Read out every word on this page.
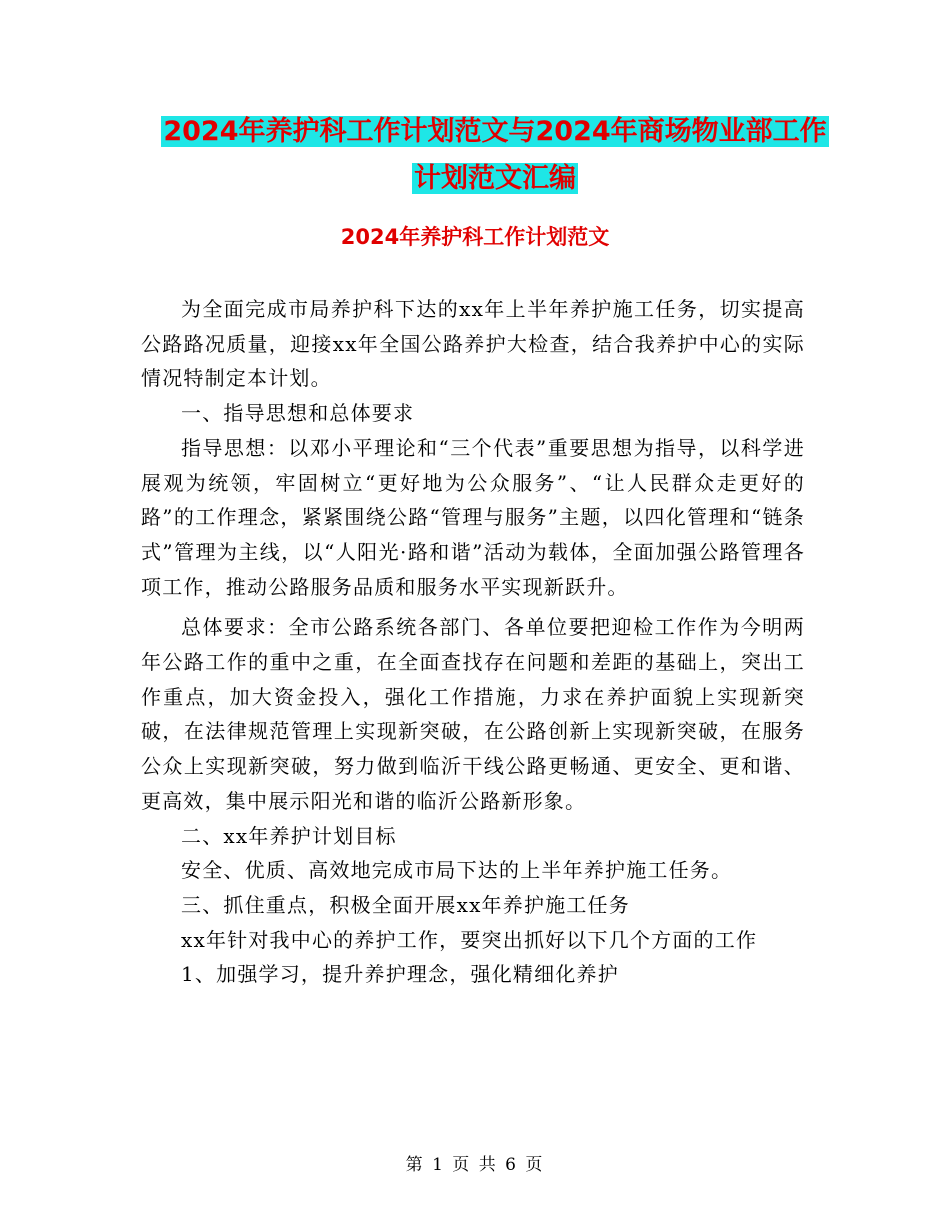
2024年养护科工作计划范文与2024年商场物业部工作
计划范文汇编
2024年养护科工作计划范文

为全面完成市局养护科下达的xx年上半年养护施工任务，切实提高公路路况质量，迎接xx年全国公路养护大检查，结合我养护中心的实际情况特制定本计划。

一、指导思想和总体要求

指导思想：以邓小平理论和“三个代表”重要思想为指导，以科学进展观为统领，牢固树立“更好地为公众服务”、“让人民群众走更好的路”的工作理念，紧紧围绕公路“管理与服务”主题，以四化管理和“链条式”管理为主线，以“人阳光·路和谐”活动为载体，全面加强公路管理各项工作，推动公路服务品质和服务水平实现新跃升。

总体要求：全市公路系统各部门、各单位要把迎检工作作为今明两年公路工作的重中之重，在全面查找存在问题和差距的基础上，突出工作重点，加大资金投入，强化工作措施，力求在养护面貌上实现新突破，在法律规范管理上实现新突破，在公路创新上实现新突破，在服务公众上实现新突破，努力做到临沂干线公路更畅通、更安全、更和谐、更高效，集中展示阳光和谐的临沂公路新形象。

二、xx年养护计划目标

安全、优质、高效地完成市局下达的上半年养护施工任务。

三、抓住重点，积极全面开展xx年养护施工任务

xx年针对我中心的养护工作，要突出抓好以下几个方面的工作

1、加强学习，提升养护理念，强化精细化养护

第 1 页 共 6 页
